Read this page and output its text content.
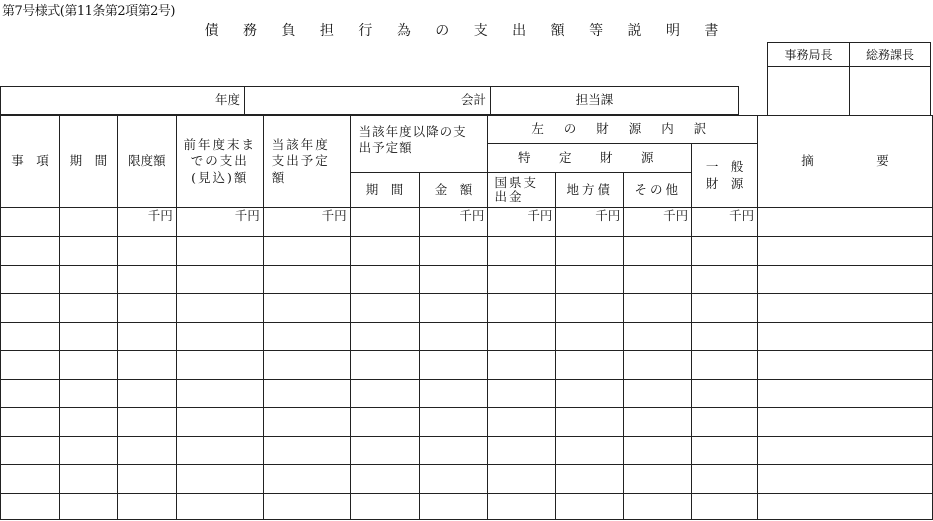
第7号様式(第11条第2項第2号)
債 務 負 担 行 為 の 支 出 額 等 説 明 書
事務局長	総務課長
年度	会計	担当課
事　項	期　間	限度額	前年度末までの支出(見込)額	当該年度支出予定額	当該年度以降の支出予定額		左 の 財 源 内 訳				摘　　　　　要
							特　定　財　源			一　般
財　源	
					期　間	金　額	国県支出金	地方債	その他		
		千円	千円	千円		千円	千円	千円	千円	千円	
